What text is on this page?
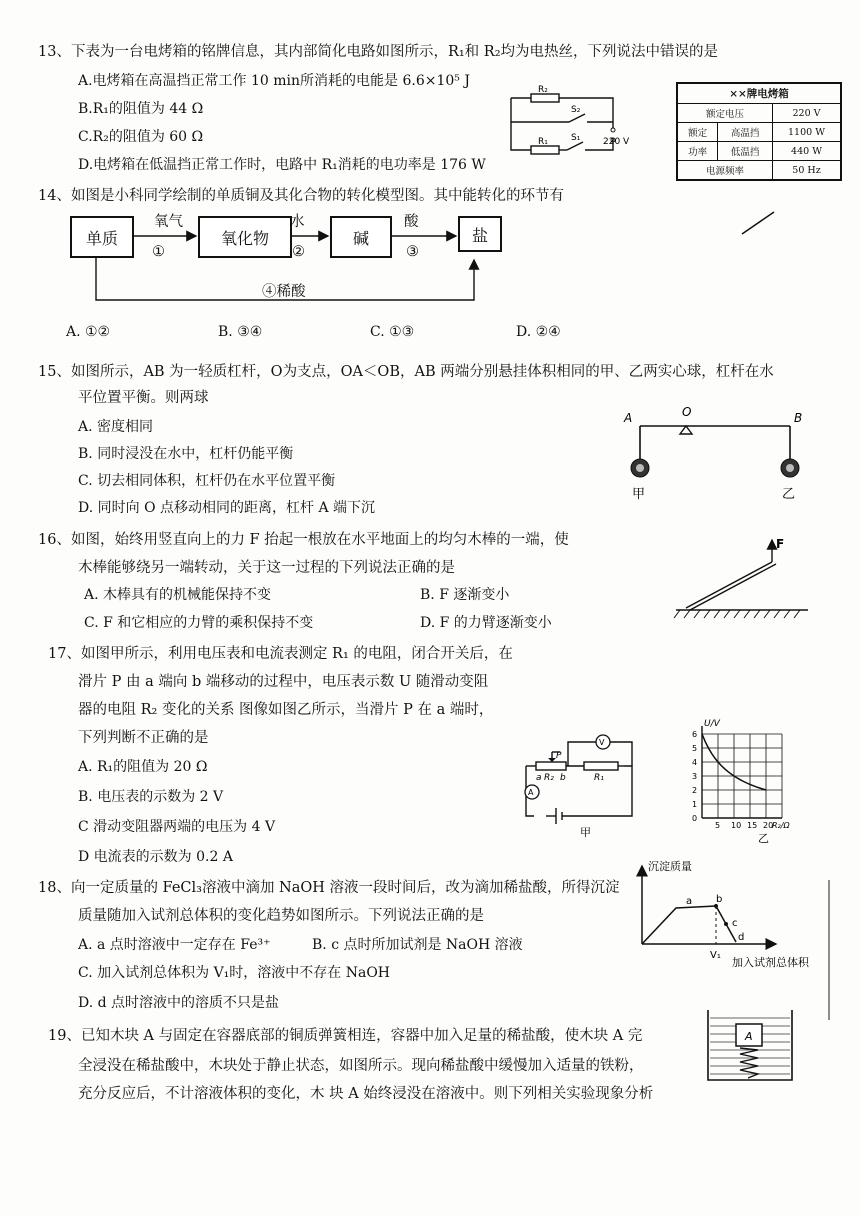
13、下表为一台电烤箱的铭牌信息，其内部简化电路如图所示，R₁和 R₂均为电热丝，下列说法中错误的是
A.电烤箱在高温挡正常工作 10 min所消耗的电能是 6.6×10⁵ J
B.R₁的阻值为 44 Ω
C.R₂的阻值为 60 Ω
D.电烤箱在低温挡正常工作时，电路中 R₁消耗的电功率是 176 W
R₂
S₂
R₁	S₁	220 V
××牌电烤箱		
额定电压		220 V
额定	高温挡	1100 W
功率	低温挡	440 W
电源频率		50 Hz
14、如图是小科同学绘制的单质铜及其化合物的转化模型图。其中能转化的环节有
单质	氧化物	碱	盐
氧气	水	酸
①	②	③
④稀酸
A. ①②	B. ③④	C. ①③	D. ②④
15、如图所示，AB 为一轻质杠杆，O为支点，OA＜OB，AB 两端分别悬挂体积相同的甲、乙两实心球，杠杆在水
平位置平衡。则两球
A. 密度相同
B. 同时浸没在水中，杠杆仍能平衡
C. 切去相同体积，杠杆仍在水平位置平衡
D. 同时向 O 点移动相同的距离，杠杆 A 端下沉
A	O	B
甲	乙
16、如图，始终用竖直向上的力 F 抬起一根放在水平地面上的均匀木棒的一端，使
木棒能够绕另一端转动，关于这一过程的下列说法正确的是
A. 木棒具有的机械能保持不变	B. F 逐渐变小
C. F 和它相应的力臂的乘积保持不变	D. F 的力臂逐渐变小
F
17、如图甲所示，利用电压表和电流表测定 R₁ 的电阻，闭合开关后，在
滑片 P 由 a 端向 b 端移动的过程中，电压表示数 U 随滑动变阻
器的电阻 R₂ 变化的关系 图像如图乙所示，当滑片 P 在 a 端时，
下列判断不正确的是
A. R₁的阻值为 20 Ω
B. 电压表的示数为 2 V
C 滑动变阻器两端的电压为 4 V
D 电流表的示数为 0.2 A
P
a R₂ b	R₁
V
A
甲
U/V
0
1
2
3
4
5
6
5 10 15 20
R₂/Ω
乙
18、向一定质量的 FeCl₃溶液中滴加 NaOH 溶液一段时间后，改为滴加稀盐酸，所得沉淀
质量随加入试剂总体积的变化趋势如图所示。下列说法正确的是
A. a 点时溶液中一定存在 Fe³⁺	B. c 点时所加试剂是 NaOH 溶液
C. 加入试剂总体积为 V₁时，溶液中不存在 NaOH
D. d 点时溶液中的溶质不只是盐
沉淀质量
a b
c
d
V₁
加入试剂总体积
19、已知木块 A 与固定在容器底部的铜质弹簧相连，容器中加入足量的稀盐酸，使木块 A 完
全浸没在稀盐酸中，木块处于静止状态，如图所示。现向稀盐酸中缓慢加入适量的铁粉，
充分反应后，不计溶液体积的变化，木 块 A 始终浸没在溶液中。则下列相关实验现象分析
A
